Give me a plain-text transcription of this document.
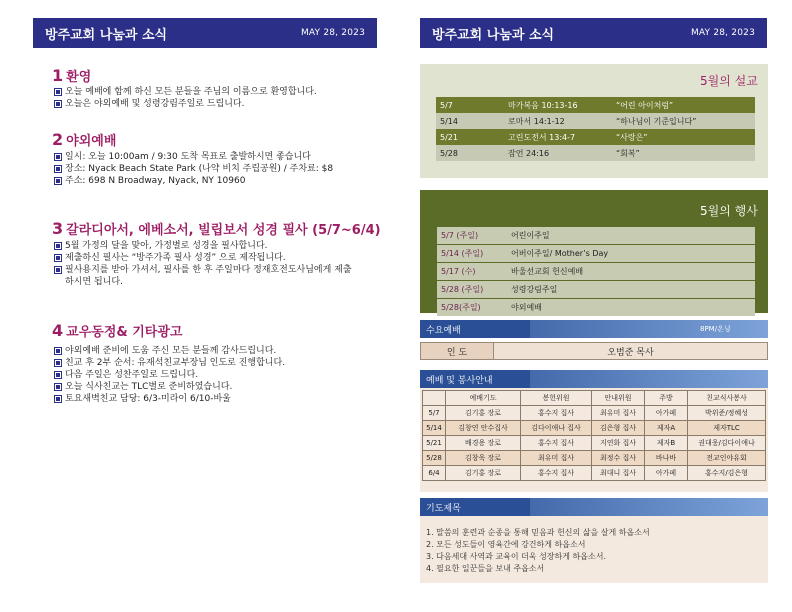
방주교회 나눔과 소식	MAY 28, 2023
1 환영
오늘 예배에 함께 하신 모든 분들을 주님의 이름으로 환영합니다.
오늘은 야외예배 및 성령강림주일로 드립니다.
2 야외예배
일시: 오늘 10:00am / 9:30 도착 목표로 출발하시면 좋습니다
장소: Nyack Beach State Park (나약 비치 주립공원) / 주차료: $8
주소: 698 N Broadway, Nyack, NY 10960
3 갈라디아서, 에베소서, 빌립보서 성경 필사 (5/7~6/4)
5월 가정의 달을 맞아, 가정별로 성경을 필사합니다.
제출하신 필사는 “방주가족 필사 성경” 으로 제작됩니다.
필사용지를 받아 가셔서, 필사를 한 후 주일마다 정재호전도사님에게 제출하시면 됩니다.
4 교우동정& 기타광고
야외예배 준비에 도움 주신 모든 분들께 감사드립니다.
친교 후 2부 순서: 유재석친교부장님 인도로 진행합니다.
다음 주일은 성찬주일로 드립니다.
오늘 식사친교는 TLC별로 준비하였습니다.
토요새벽친교 담당: 6/3-미라이 6/10-바울
방주교회 나눔과 소식	MAY 28, 2023
5월의 설교
5/7	마가복음 10:13-16	“어린 아이처럼”
5/14	로마서 14:1-12	“하나님이 기준입니다”
5/21	고린도전서 13:4-7	“사랑은”
5/28	잠언 24:16	“회복”
5월의 행사
5/7 (주일)	어린이주일
5/14 (주일)	어버이주일/ Mother’s Day
5/17 (수)	바울선교회 헌신예배
5/28 (주일)	성령강림주일
5/28(주일)	야외예배
수요예배	8PM/온닝
인 도	오범준 목사
예배 및 봉사안내
	예배기도	봉헌위원	안내위원	주방	친교식사봉사
5/7	김기홍 장로	홍수지 집사	최유미 집사	아가페	박위준/정혜성
5/14	김창연 안수집사	김다이애나 집사	김은형 집사	제자A	제자TLC
5/21	배경용 장로	홍수지 집사	지연화 집사	제자B	권대웅/김다이애나
5/28	김창욱 장로	최유미 집사	최정수 집사	바나바	전교인야유회
6/4	김기홍 장로	홍수지 집사	최대니 집사	아가페	홍수지/김은형
기도제목
1. 말씀의 훈련과 순종을 통해 믿음과 헌신의 삶을 살게 하옵소서
2. 모든 성도들이 영육간에 강건하게 하옵소서
3. 다음세대 사역과 교육이 더욱 성장하게 하옵소서.
4. 필요한 일꾼들을 보내 주옵소서
